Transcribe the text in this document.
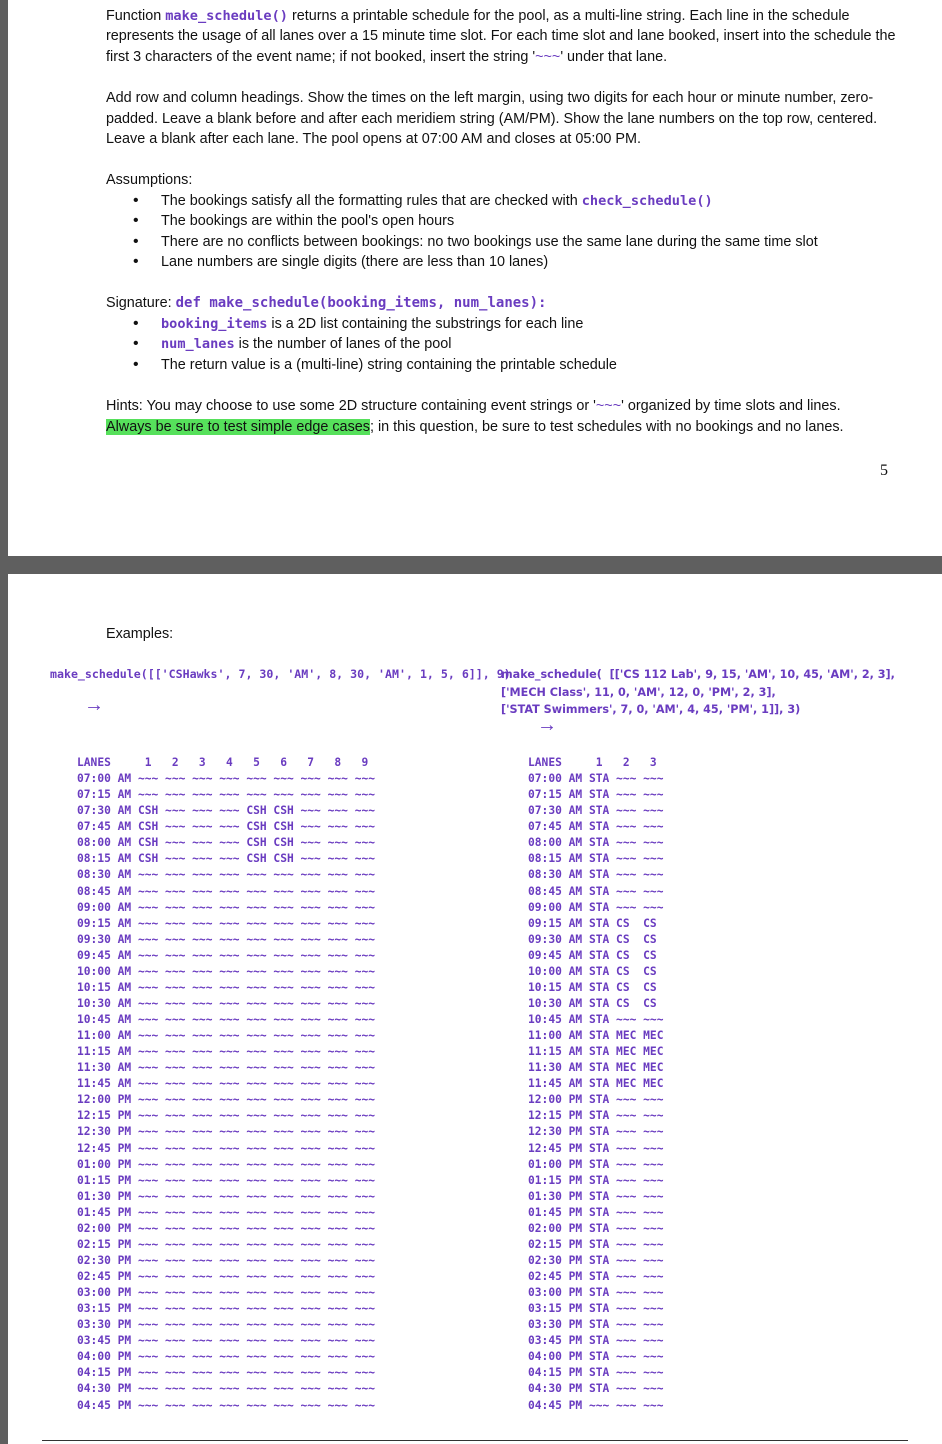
Function make_schedule() returns a printable schedule for the pool, as a multi-line string. Each line in the schedule represents the usage of all lanes over a 15 minute time slot. For each time slot and lane booked, insert into the schedule the first 3 characters of the event name; if not booked, insert the string '~~~' under that lane.

Add row and column headings. Show the times on the left margin, using two digits for each hour or minute number, zero-padded. Leave a blank before and after each meridiem string (AM/PM). Show the lane numbers on the top row, centered. Leave a blank after each lane. The pool opens at 07:00 AM and closes at 05:00 PM.

Assumptions:

• The bookings satisfy all the formatting rules that are checked with check_schedule()
• The bookings are within the pool's open hours
• There are no conflicts between bookings: no two bookings use the same lane during the same time slot
• Lane numbers are single digits (there are less than 10 lanes)

Signature: def make_schedule(booking_items, num_lanes):

• booking_items is a 2D list containing the substrings for each line
• num_lanes is the number of lanes of the pool
• The return value is a (multi-line) string containing the printable schedule

Hints: You may choose to use some 2D structure containing event strings or '~~~' organized by time slots and lines.
Always be sure to test simple edge cases; in this question, be sure to test schedules with no bookings and no lanes.

5
Examples:
make_schedule([['CSHawks', 7, 30, 'AM', 8, 30, 'AM', 1, 5, 6]], 9)
→
make_schedule(  [['CS 112 Lab', 9, 15, 'AM', 10, 45, 'AM', 2, 3],
['MECH Class', 11, 0, 'AM', 12, 0, 'PM', 2, 3],
['STAT Swimmers', 7, 0, 'AM', 4, 45, 'PM', 1]], 3)
→
LANES     1   2   3   4   5   6   7   8   9
07:00 AM ~~~ ~~~ ~~~ ~~~ ~~~ ~~~ ~~~ ~~~ ~~~
07:15 AM ~~~ ~~~ ~~~ ~~~ ~~~ ~~~ ~~~ ~~~ ~~~
07:30 AM CSH ~~~ ~~~ ~~~ CSH CSH ~~~ ~~~ ~~~
07:45 AM CSH ~~~ ~~~ ~~~ CSH CSH ~~~ ~~~ ~~~
08:00 AM CSH ~~~ ~~~ ~~~ CSH CSH ~~~ ~~~ ~~~
08:15 AM CSH ~~~ ~~~ ~~~ CSH CSH ~~~ ~~~ ~~~
08:30 AM ~~~ ~~~ ~~~ ~~~ ~~~ ~~~ ~~~ ~~~ ~~~
08:45 AM ~~~ ~~~ ~~~ ~~~ ~~~ ~~~ ~~~ ~~~ ~~~
09:00 AM ~~~ ~~~ ~~~ ~~~ ~~~ ~~~ ~~~ ~~~ ~~~
09:15 AM ~~~ ~~~ ~~~ ~~~ ~~~ ~~~ ~~~ ~~~ ~~~
09:30 AM ~~~ ~~~ ~~~ ~~~ ~~~ ~~~ ~~~ ~~~ ~~~
09:45 AM ~~~ ~~~ ~~~ ~~~ ~~~ ~~~ ~~~ ~~~ ~~~
10:00 AM ~~~ ~~~ ~~~ ~~~ ~~~ ~~~ ~~~ ~~~ ~~~
10:15 AM ~~~ ~~~ ~~~ ~~~ ~~~ ~~~ ~~~ ~~~ ~~~
10:30 AM ~~~ ~~~ ~~~ ~~~ ~~~ ~~~ ~~~ ~~~ ~~~
10:45 AM ~~~ ~~~ ~~~ ~~~ ~~~ ~~~ ~~~ ~~~ ~~~
11:00 AM ~~~ ~~~ ~~~ ~~~ ~~~ ~~~ ~~~ ~~~ ~~~
11:15 AM ~~~ ~~~ ~~~ ~~~ ~~~ ~~~ ~~~ ~~~ ~~~
11:30 AM ~~~ ~~~ ~~~ ~~~ ~~~ ~~~ ~~~ ~~~ ~~~
11:45 AM ~~~ ~~~ ~~~ ~~~ ~~~ ~~~ ~~~ ~~~ ~~~
12:00 PM ~~~ ~~~ ~~~ ~~~ ~~~ ~~~ ~~~ ~~~ ~~~
12:15 PM ~~~ ~~~ ~~~ ~~~ ~~~ ~~~ ~~~ ~~~ ~~~
12:30 PM ~~~ ~~~ ~~~ ~~~ ~~~ ~~~ ~~~ ~~~ ~~~
12:45 PM ~~~ ~~~ ~~~ ~~~ ~~~ ~~~ ~~~ ~~~ ~~~
01:00 PM ~~~ ~~~ ~~~ ~~~ ~~~ ~~~ ~~~ ~~~ ~~~
01:15 PM ~~~ ~~~ ~~~ ~~~ ~~~ ~~~ ~~~ ~~~ ~~~
01:30 PM ~~~ ~~~ ~~~ ~~~ ~~~ ~~~ ~~~ ~~~ ~~~
01:45 PM ~~~ ~~~ ~~~ ~~~ ~~~ ~~~ ~~~ ~~~ ~~~
02:00 PM ~~~ ~~~ ~~~ ~~~ ~~~ ~~~ ~~~ ~~~ ~~~
02:15 PM ~~~ ~~~ ~~~ ~~~ ~~~ ~~~ ~~~ ~~~ ~~~
02:30 PM ~~~ ~~~ ~~~ ~~~ ~~~ ~~~ ~~~ ~~~ ~~~
02:45 PM ~~~ ~~~ ~~~ ~~~ ~~~ ~~~ ~~~ ~~~ ~~~
03:00 PM ~~~ ~~~ ~~~ ~~~ ~~~ ~~~ ~~~ ~~~ ~~~
03:15 PM ~~~ ~~~ ~~~ ~~~ ~~~ ~~~ ~~~ ~~~ ~~~
03:30 PM ~~~ ~~~ ~~~ ~~~ ~~~ ~~~ ~~~ ~~~ ~~~
03:45 PM ~~~ ~~~ ~~~ ~~~ ~~~ ~~~ ~~~ ~~~ ~~~
04:00 PM ~~~ ~~~ ~~~ ~~~ ~~~ ~~~ ~~~ ~~~ ~~~
04:15 PM ~~~ ~~~ ~~~ ~~~ ~~~ ~~~ ~~~ ~~~ ~~~
04:30 PM ~~~ ~~~ ~~~ ~~~ ~~~ ~~~ ~~~ ~~~ ~~~
04:45 PM ~~~ ~~~ ~~~ ~~~ ~~~ ~~~ ~~~ ~~~ ~~~
LANES     1   2   3
07:00 AM STA ~~~ ~~~
07:15 AM STA ~~~ ~~~
07:30 AM STA ~~~ ~~~
07:45 AM STA ~~~ ~~~
08:00 AM STA ~~~ ~~~
08:15 AM STA ~~~ ~~~
08:30 AM STA ~~~ ~~~
08:45 AM STA ~~~ ~~~
09:00 AM STA ~~~ ~~~
09:15 AM STA CS  CS
09:30 AM STA CS  CS
09:45 AM STA CS  CS
10:00 AM STA CS  CS
10:15 AM STA CS  CS
10:30 AM STA CS  CS
10:45 AM STA ~~~ ~~~
11:00 AM STA MEC MEC
11:15 AM STA MEC MEC
11:30 AM STA MEC MEC
11:45 AM STA MEC MEC
12:00 PM STA ~~~ ~~~
12:15 PM STA ~~~ ~~~
12:30 PM STA ~~~ ~~~
12:45 PM STA ~~~ ~~~
01:00 PM STA ~~~ ~~~
01:15 PM STA ~~~ ~~~
01:30 PM STA ~~~ ~~~
01:45 PM STA ~~~ ~~~
02:00 PM STA ~~~ ~~~
02:15 PM STA ~~~ ~~~
02:30 PM STA ~~~ ~~~
02:45 PM STA ~~~ ~~~
03:00 PM STA ~~~ ~~~
03:15 PM STA ~~~ ~~~
03:30 PM STA ~~~ ~~~
03:45 PM STA ~~~ ~~~
04:00 PM STA ~~~ ~~~
04:15 PM STA ~~~ ~~~
04:30 PM STA ~~~ ~~~
04:45 PM ~~~ ~~~ ~~~
